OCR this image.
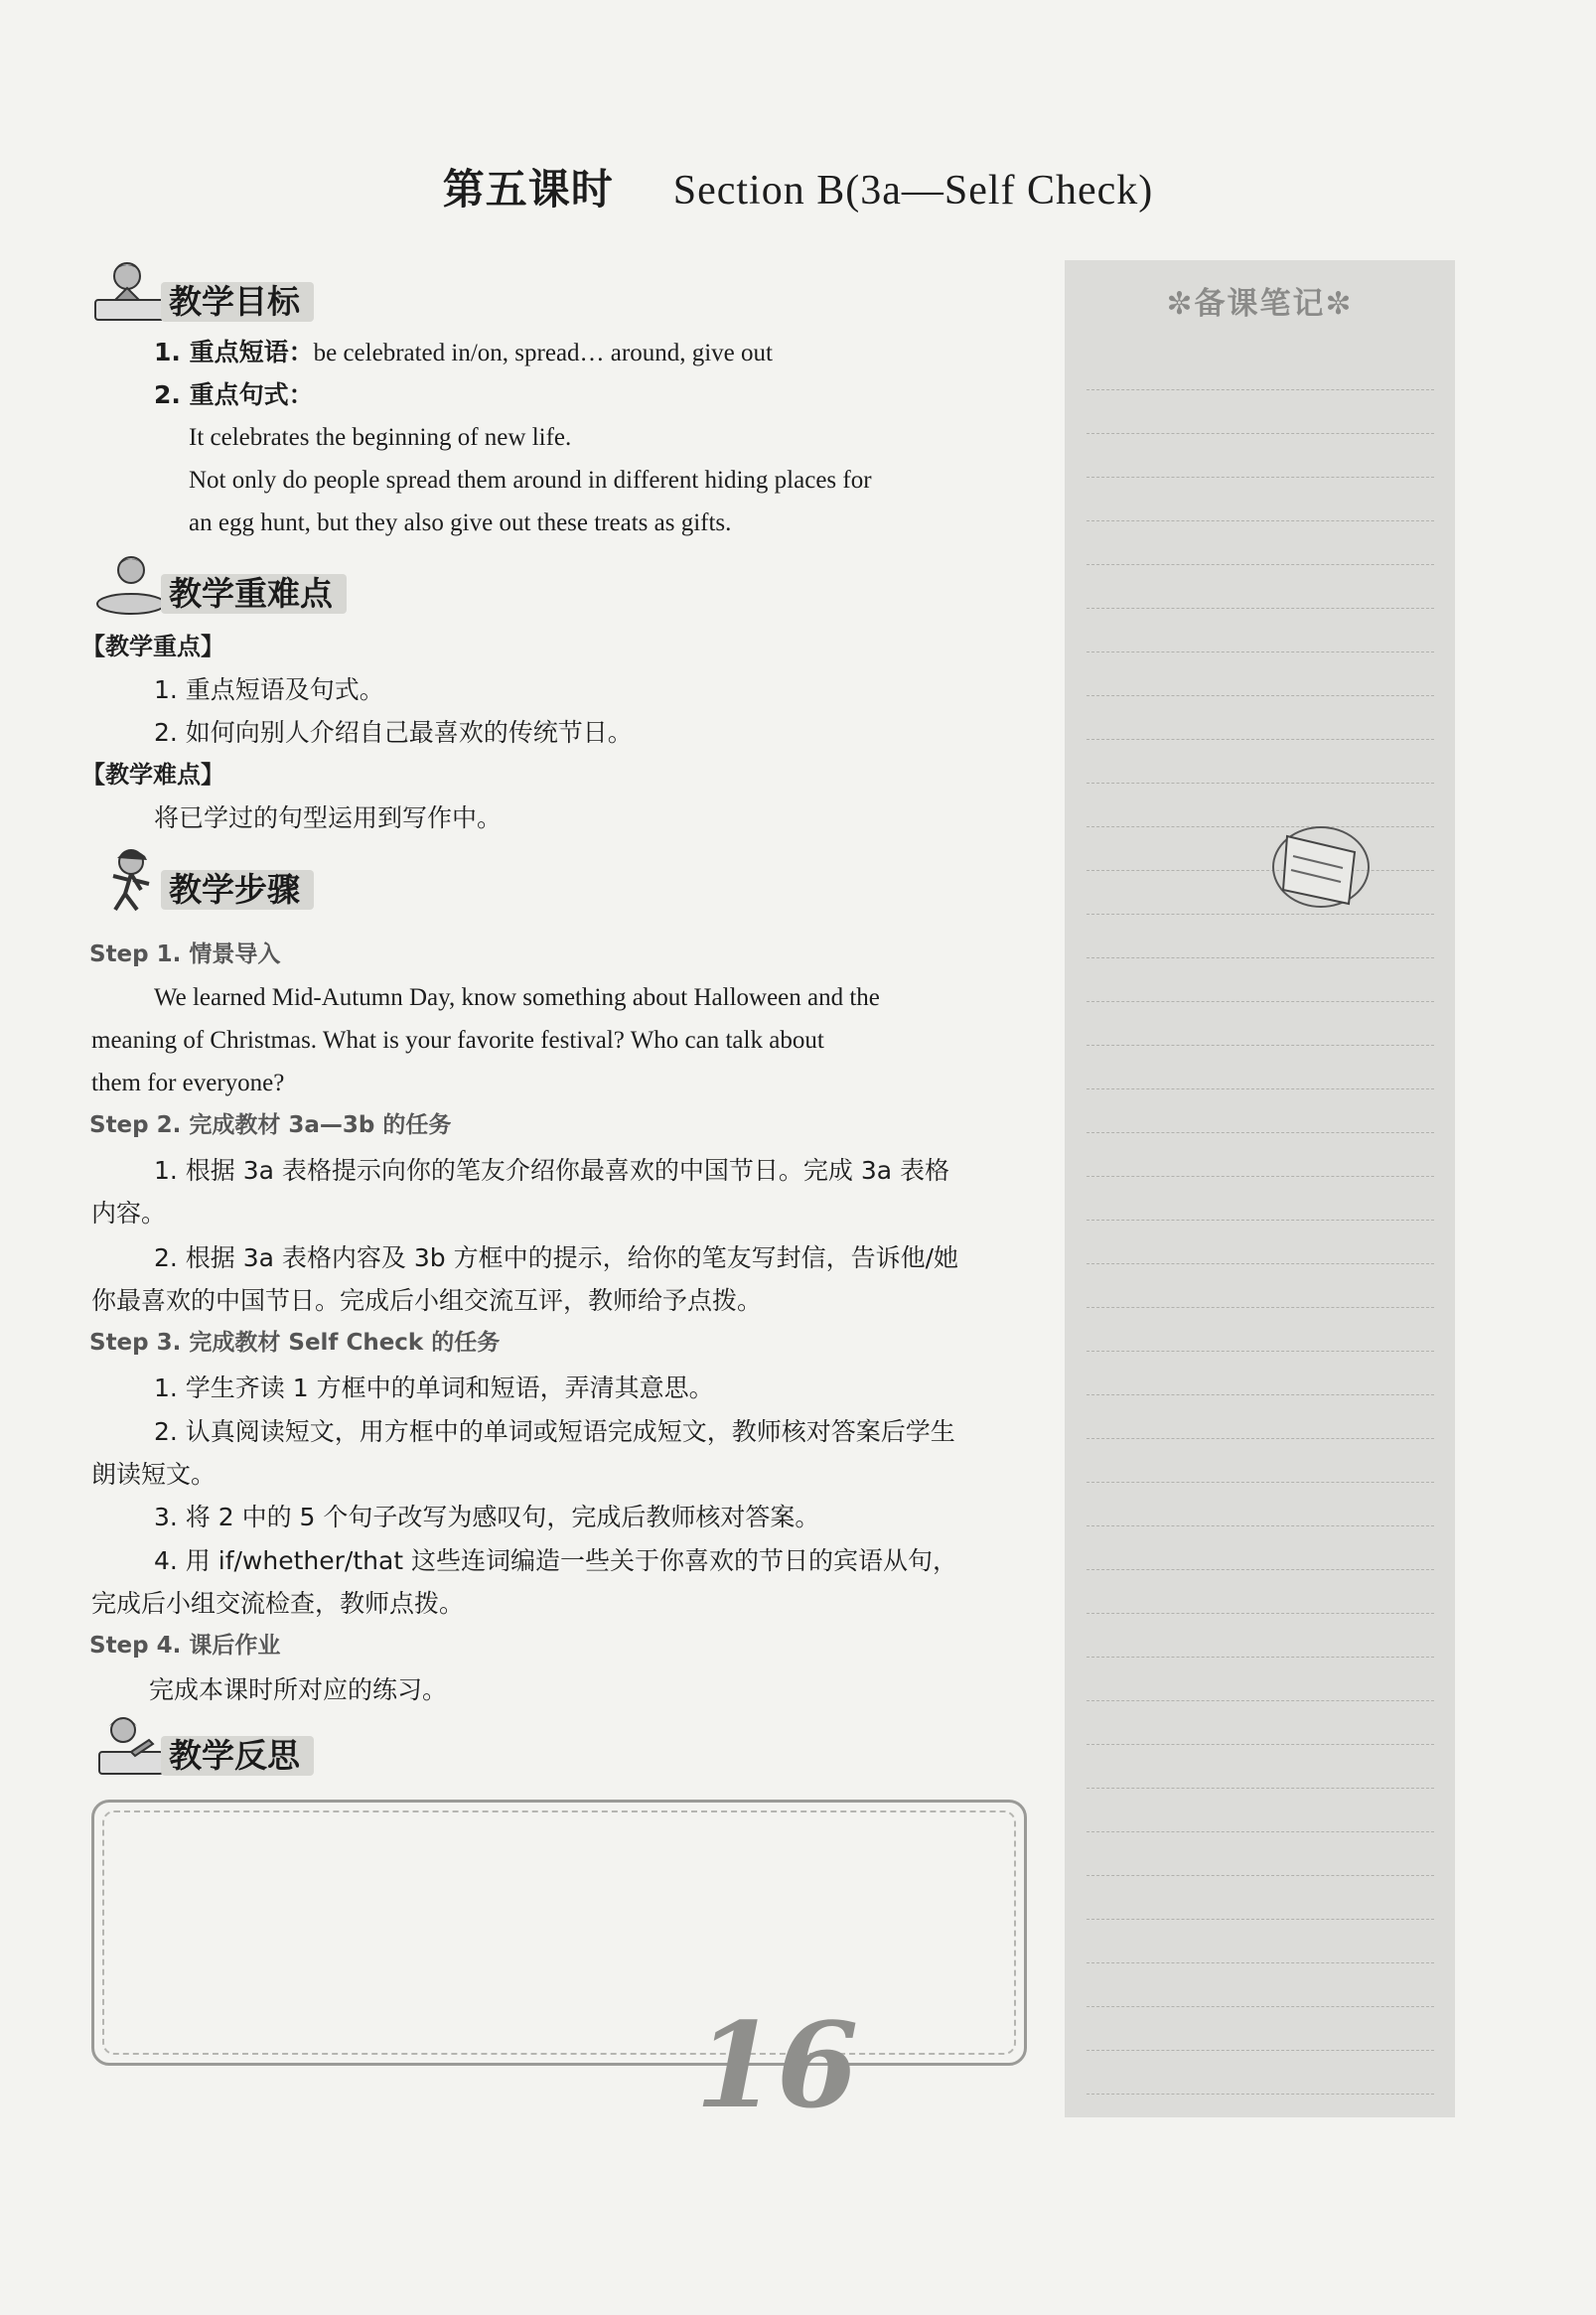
第五课时 Section B(3a—Self Check)
教学目标
1. 重点短语：be celebrated in/on, spread… around, give out
2. 重点句式：
It celebrates the beginning of new life.
Not only do people spread them around in different hiding places for
an egg hunt, but they also give out these treats as gifts.
教学重难点
【教学重点】
1. 重点短语及句式。
2. 如何向别人介绍自己最喜欢的传统节日。
【教学难点】
将已学过的句型运用到写作中。
教学步骤
Step 1. 情景导入
We learned Mid-Autumn Day, know something about Halloween and the
meaning of Christmas. What is your favorite festival? Who can talk about
them for everyone?
Step 2. 完成教材 3a—3b 的任务
1. 根据 3a 表格提示向你的笔友介绍你最喜欢的中国节日。完成 3a 表格
内容。
2. 根据 3a 表格内容及 3b 方框中的提示，给你的笔友写封信，告诉他/她
你最喜欢的中国节日。完成后小组交流互评，教师给予点拨。
Step 3. 完成教材 Self Check 的任务
1. 学生齐读 1 方框中的单词和短语，弄清其意思。
2. 认真阅读短文，用方框中的单词或短语完成短文，教师核对答案后学生
朗读短文。
3. 将 2 中的 5 个句子改写为感叹句，完成后教师核对答案。
4. 用 if/whether/that 这些连词编造一些关于你喜欢的节日的宾语从句，
完成后小组交流检查，教师点拨。
Step 4. 课后作业
完成本课时所对应的练习。
教学反思
16
✼备课笔记✼
